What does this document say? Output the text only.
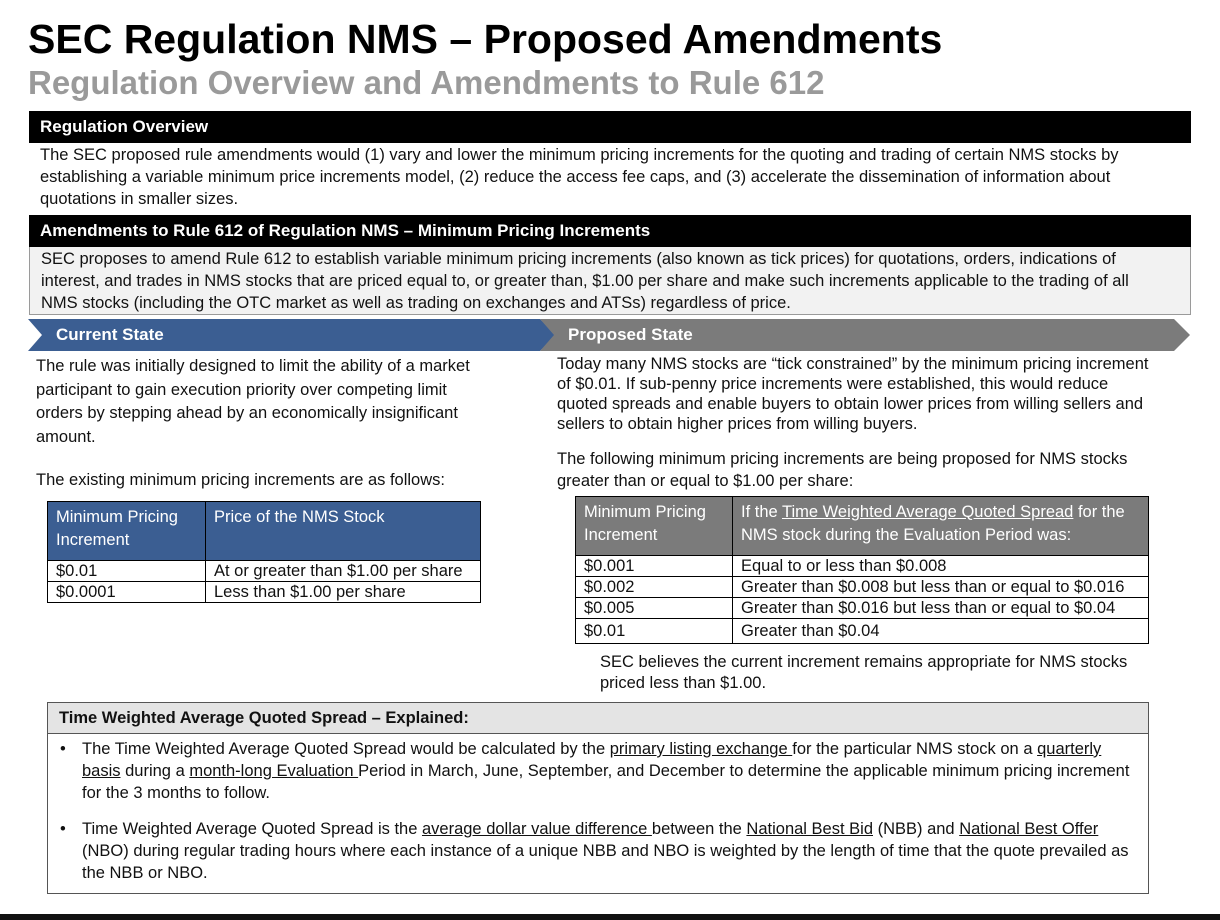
SEC Regulation NMS – Proposed Amendments
Regulation Overview and Amendments to Rule 612
Regulation Overview
The SEC proposed rule amendments would (1) vary and lower the minimum pricing increments for the quoting and trading of certain NMS stocks by
establishing a variable minimum price increments model, (2) reduce the access fee caps, and (3) accelerate the dissemination of information about
quotations in smaller sizes.
Amendments to Rule 612 of Regulation NMS – Minimum Pricing Increments
SEC proposes to amend Rule 612 to establish variable minimum pricing increments (also known as tick prices) for quotations, orders, indications of
interest, and trades in NMS stocks that are priced equal to, or greater than, $1.00 per share and make such increments applicable to the trading of all
NMS stocks (including the OTC market as well as trading on exchanges and ATSs) regardless of price.
Current State	Proposed State
The rule was initially designed to limit the ability of a market
participant to gain execution priority over competing limit
orders by stepping ahead by an economically insignificant
amount.
The existing minimum pricing increments are as follows:
Minimum Pricing Increment	Price of the NMS Stock
$0.01	At or greater than $1.00 per share
$0.0001	Less than $1.00 per share
Today many NMS stocks are “tick constrained” by the minimum pricing increment
of $0.01. If sub-penny price increments were established, this would reduce
quoted spreads and enable buyers to obtain lower prices from willing sellers and
sellers to obtain higher prices from willing buyers.
The following minimum pricing increments are being proposed for NMS stocks
greater than or equal to $1.00 per share:
Minimum Pricing Increment	If the Time Weighted Average Quoted Spread for the NMS stock during the Evaluation Period was:
$0.001	Equal to or less than $0.008
$0.002	Greater than $0.008 but less than or equal to $0.016
$0.005	Greater than $0.016 but less than or equal to $0.04
$0.01	Greater than $0.04
SEC believes the current increment remains appropriate for NMS stocks
priced less than $1.00.
Time Weighted Average Quoted Spread – Explained:
• The Time Weighted Average Quoted Spread would be calculated by the primary listing exchange for the particular NMS stock on a quarterly basis during a month-long Evaluation Period in March, June, September, and December to determine the applicable minimum pricing increment for the 3 months to follow.
• Time Weighted Average Quoted Spread is the average dollar value difference between the National Best Bid (NBB) and National Best Offer (NBO) during regular trading hours where each instance of a unique NBB and NBO is weighted by the length of time that the quote prevailed as the NBB or NBO.
